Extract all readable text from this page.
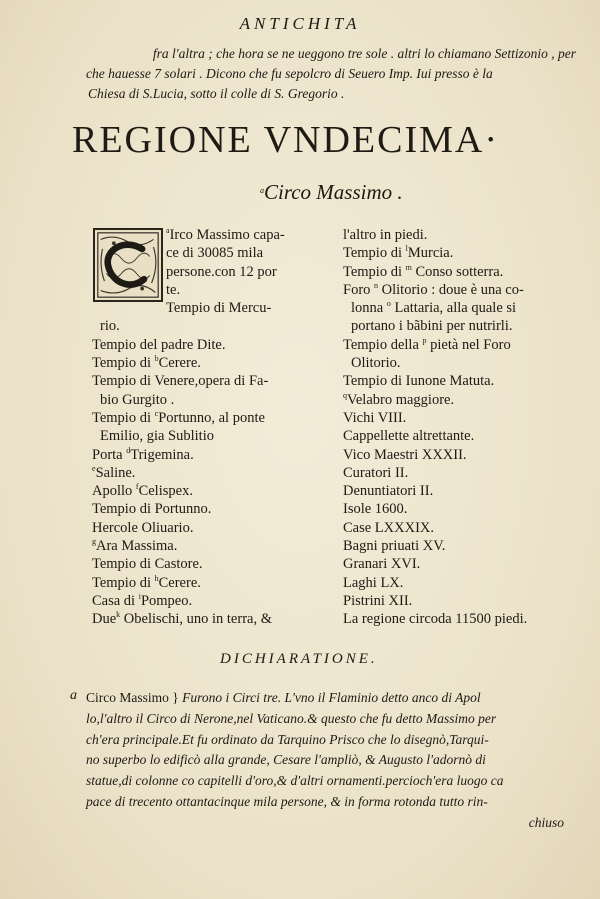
ANTICHITA
fra l'altra ; che hora se ne ueggono tre sole . altri lo chiamano Settizonio , per
che hauesse 7 solari . Dicono che fu sepolcro di Seuero Imp. Iui presso è la
Chiesa di S.Lucia, sotto il colle di S. Gregorio .
REGIONE VNDECIMA·
$^a$Circo Massimo .
$^a$Irco Massimo capa-
ce di 30085 mila
persone.con 12 por
te.
Tempio di Mercu-
rio.
Tempio del padre Dite.
Tempio di $^b$Cerere.
Tempio di Venere,opera di Fa-
bio Gurgito .
Tempio di $^c$Portunno, al ponte
Emilio, gia Sublitio
Porta $^d$Trigemina.
$^e$Saline.
Apollo $^f$Celispex.
Tempio di Portunno.
Hercole Oliuario.
$^g$Ara Massima.
Tempio di Castore.
Tempio di $^h$Cerere.
Casa di $^i$Pompeo.
Due$^k$ Obelischi, uno in terra, &
l'altro in piedi.
Tempio di $^l$Murcia.
Tempio di $^m$ Conso sotterra.
Foro $^n$ Olitorio : doue è una co-
lonna $^o$ Lattaria, alla quale si
portano i bãbini per nutrirli.
Tempio della $^p$ pietà nel Foro
Olitorio.
Tempio di Iunone Matuta.
$^q$Velabro maggiore.
Vichi VIII.
Cappellette altrettante.
Vico Maestri XXXII.
Curatori II.
Denuntiatori II.
Isole 1600.
Case LXXXIX.
Bagni priuati XV.
Granari XVI.
Laghi LX.
Pistrini XII.
La regione circoda 11500 piedi.
DICHIARATIONE.
a Circo Massimo } Furono i Circi tre. L'vno il Flaminio detto anco di Apol
lo,l'altro il Circo di Nerone,nel Vaticano.& questo che fu detto Massimo per
ch'era principale.Et fu ordinato da Tarquino Prisco che lo disegnò,Tarqui-
no superbo lo edificò alla grande, Cesare l'ampliò, & Augusto l'adornò di
statue,di colonne co capitelli d'oro,& d'altri ornamenti.percioch'era luogo ca
pace di trecento ottantacinque mila persone, & in forma rotonda tutto rin-
chiuso
